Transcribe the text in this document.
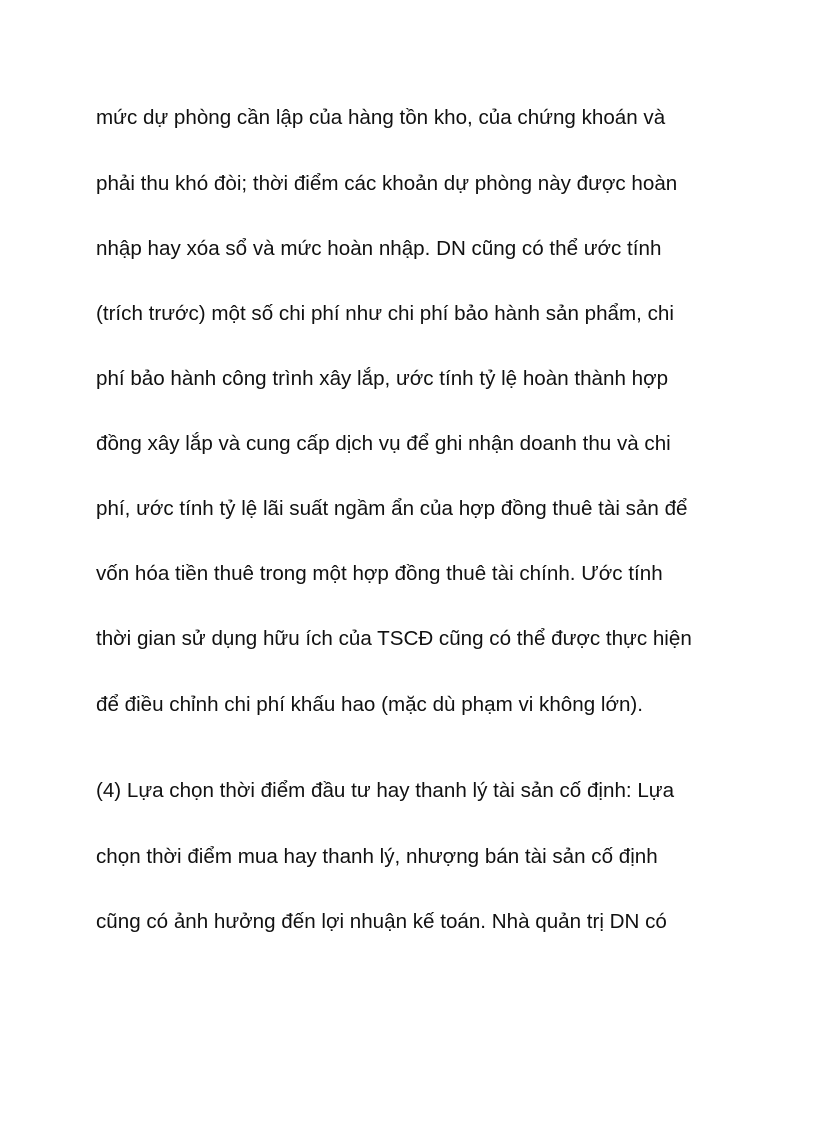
mức dự phòng cần lập của hàng tồn kho, của chứng khoán và

phải thu khó đòi; thời điểm các khoản dự phòng này được hoàn

nhập hay xóa sổ và mức hoàn nhập. DN cũng có thể ước tính

(trích trước) một số chi phí như chi phí bảo hành sản phẩm, chi

phí bảo hành công trình xây lắp, ước tính tỷ lệ hoàn thành hợp

đồng xây lắp và cung cấp dịch vụ để ghi nhận doanh thu và chi

phí, ước tính tỷ lệ lãi suất ngầm ẩn của hợp đồng thuê tài sản để

vốn hóa tiền thuê trong một hợp đồng thuê tài chính. Ước tính

thời gian sử dụng hữu ích của TSCĐ cũng có thể được thực hiện

để điều chỉnh chi phí khấu hao (mặc dù phạm vi không lớn).

(4) Lựa chọn thời điểm đầu tư hay thanh lý tài sản cố định: Lựa

chọn thời điểm mua hay thanh lý, nhượng bán tài sản cố định

cũng có ảnh hưởng đến lợi nhuận kế toán. Nhà quản trị DN có
